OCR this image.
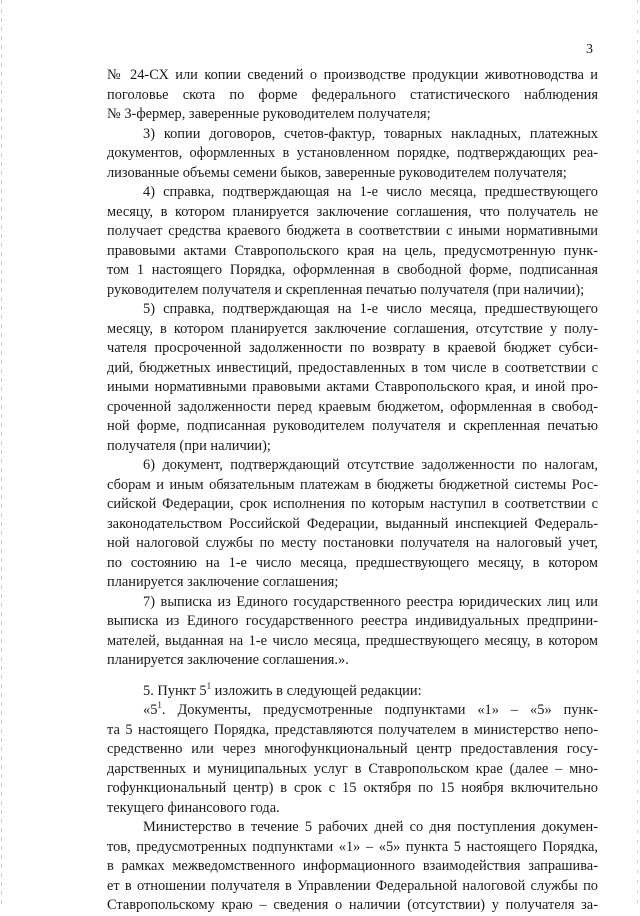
3

№ 24-СХ или копии сведений о производстве продукции животноводства и
поголовье скота по форме федерального статистического наблюдения
№ 3-фермер, заверенные руководителем получателя;

3) копии договоров, счетов-фактур, товарных накладных, платежных
документов, оформленных в установленном порядке, подтверждающих реа-
лизованные объемы семени быков, заверенные руководителем получателя;

4) справка, подтверждающая на 1-е число месяца, предшествующего
месяцу, в котором планируется заключение соглашения, что получатель не
получает средства краевого бюджета в соответствии с иными нормативными
правовыми актами Ставропольского края на цель, предусмотренную пунк-
том 1 настоящего Порядка, оформленная в свободной форме, подписанная
руководителем получателя и скрепленная печатью получателя (при наличии);

5) справка, подтверждающая на 1-е число месяца, предшествующего
месяцу, в котором планируется заключение соглашения, отсутствие у полу-
чателя просроченной задолженности по возврату в краевой бюджет субси-
дий, бюджетных инвестиций, предоставленных в том числе в соответствии с
иными нормативными правовыми актами Ставропольского края, и иной про-
сроченной задолженности перед краевым бюджетом, оформленная в свобод-
ной форме, подписанная руководителем получателя и скрепленная печатью
получателя (при наличии);

6) документ, подтверждающий отсутствие задолженности по налогам,
сборам и иным обязательным платежам в бюджеты бюджетной системы Рос-
сийской Федерации, срок исполнения по которым наступил в соответствии с
законодательством Российской Федерации, выданный инспекцией Федераль-
ной налоговой службы по месту постановки получателя на налоговый учет,
по состоянию на 1-е число месяца, предшествующего месяцу, в котором
планируется заключение соглашения;

7) выписка из Единого государственного реестра юридических лиц или
выписка из Единого государственного реестра индивидуальных предприни-
мателей, выданная на 1-е число месяца, предшествующего месяцу, в котором
планируется заключение соглашения.».

5. Пункт $5^1$ изложить в следующей редакции:

«$5^1$. Документы, предусмотренные подпунктами «1» – «5» пунк-
та 5 настоящего Порядка, представляются получателем в министерство непо-
средственно или через многофункциональный центр предоставления госу-
дарственных и муниципальных услуг в Ставропольском крае (далее – мно-
гофункциональный центр) в срок с 15 октября по 15 ноября включительно
текущего финансового года.

Министерство в течение 5 рабочих дней со дня поступления докумен-
тов, предусмотренных подпунктами «1» – «5» пункта 5 настоящего Порядка,
в рамках межведомственного информационного взаимодействия запрашива-
ет в отношении получателя в Управлении Федеральной налоговой службы по
Ставропольскому краю – сведения о наличии (отсутствии) у получателя за-
